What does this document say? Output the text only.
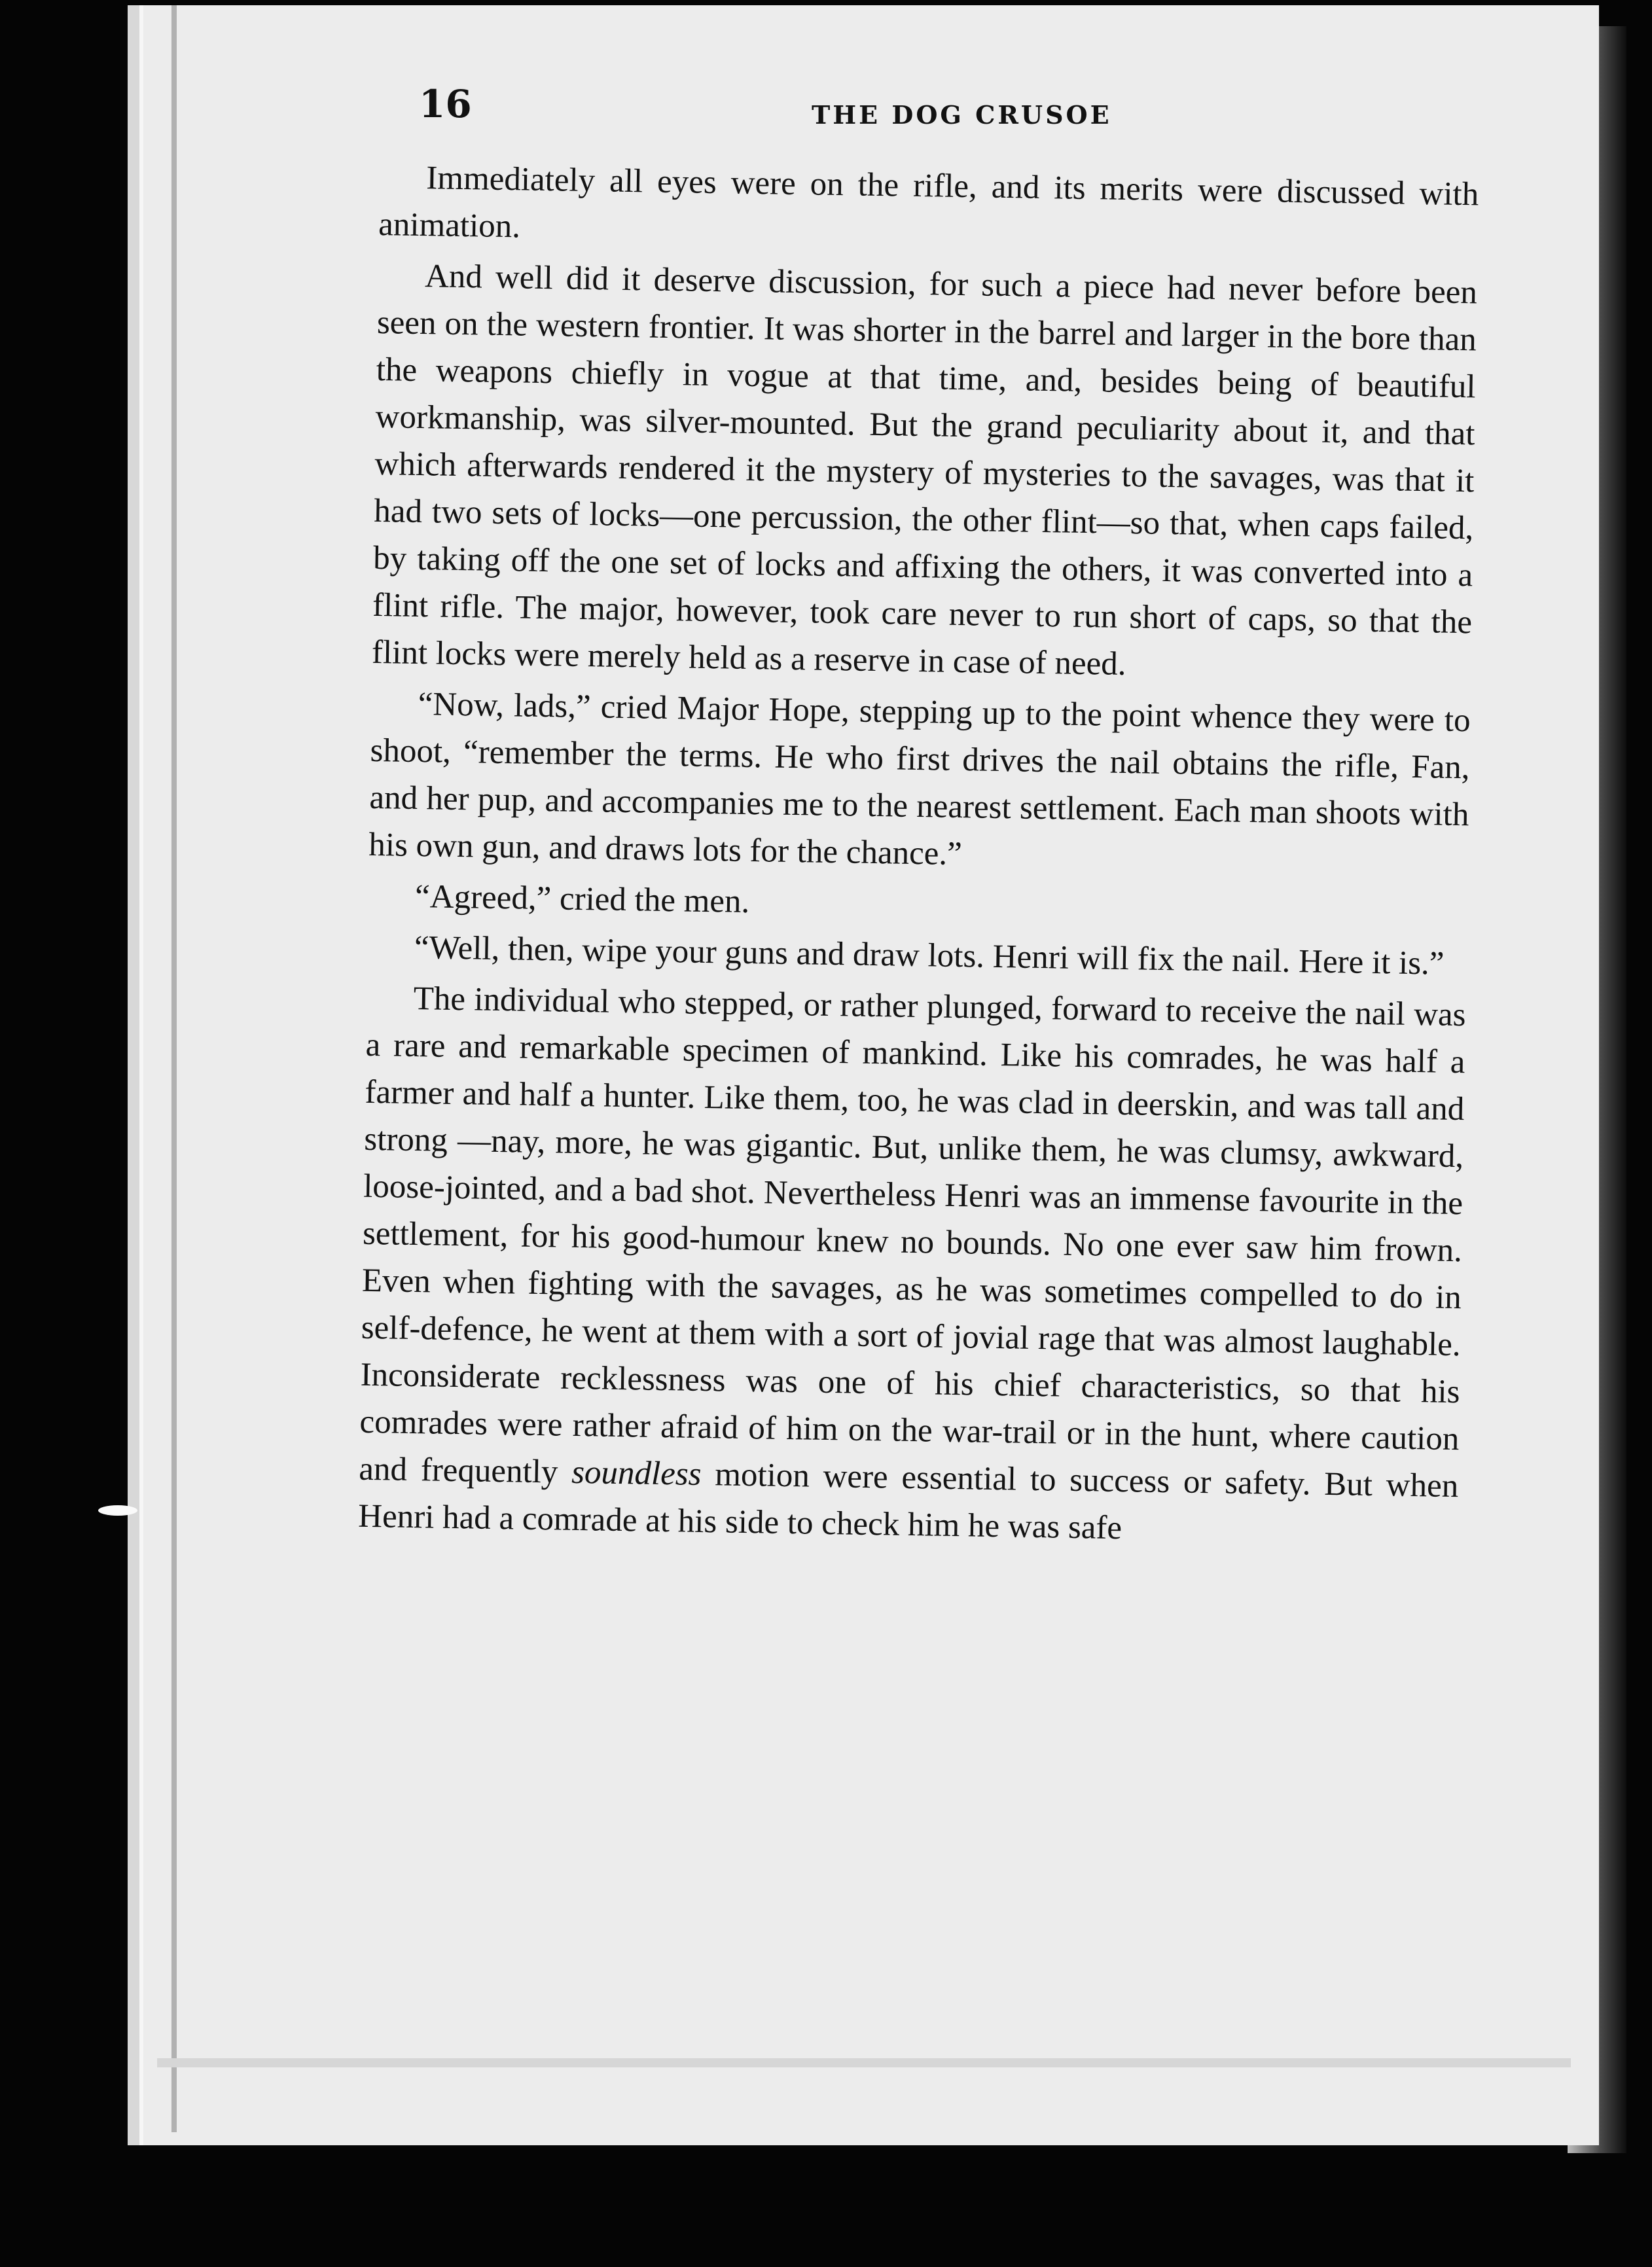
16	THE DOG CRUSOE

Immediately all eyes were on the rifle, and its merits were discussed with animation.

And well did it deserve discussion, for such a piece had never before been seen on the western frontier. It was shorter in the barrel and larger in the bore than the weapons chiefly in vogue at that time, and, besides being of beautiful workmanship, was silver-mounted. But the grand peculiarity about it, and that which afterwards rendered it the mystery of mysteries to the savages, was that it had two sets of locks—one percussion, the other flint—so that, when caps failed, by taking off the one set of locks and affixing the others, it was converted into a flint rifle. The major, however, took care never to run short of caps, so that the flint locks were merely held as a reserve in case of need.

“Now, lads,” cried Major Hope, stepping up to the point whence they were to shoot, “remember the terms. He who first drives the nail obtains the rifle, Fan, and her pup, and accompanies me to the nearest settlement. Each man shoots with his own gun, and draws lots for the chance.”

“Agreed,” cried the men.

“Well, then, wipe your guns and draw lots. Henri will fix the nail. Here it is.”

The individual who stepped, or rather plunged, forward to receive the nail was a rare and remarkable specimen of mankind. Like his comrades, he was half a farmer and half a hunter. Like them, too, he was clad in deerskin, and was tall and strong —nay, more, he was gigantic. But, unlike them, he was clumsy, awkward, loose-jointed, and a bad shot. Nevertheless Henri was an immense favourite in the settlement, for his good-humour knew no bounds. No one ever saw him frown. Even when fighting with the savages, as he was sometimes compelled to do in self-defence, he went at them with a sort of jovial rage that was almost laughable. Inconsiderate recklessness was one of his chief characteristics, so that his comrades were rather afraid of him on the war-trail or in the hunt, where caution and frequently soundless motion were essential to success or safety. But when Henri had a comrade at his side to check him he was safe
